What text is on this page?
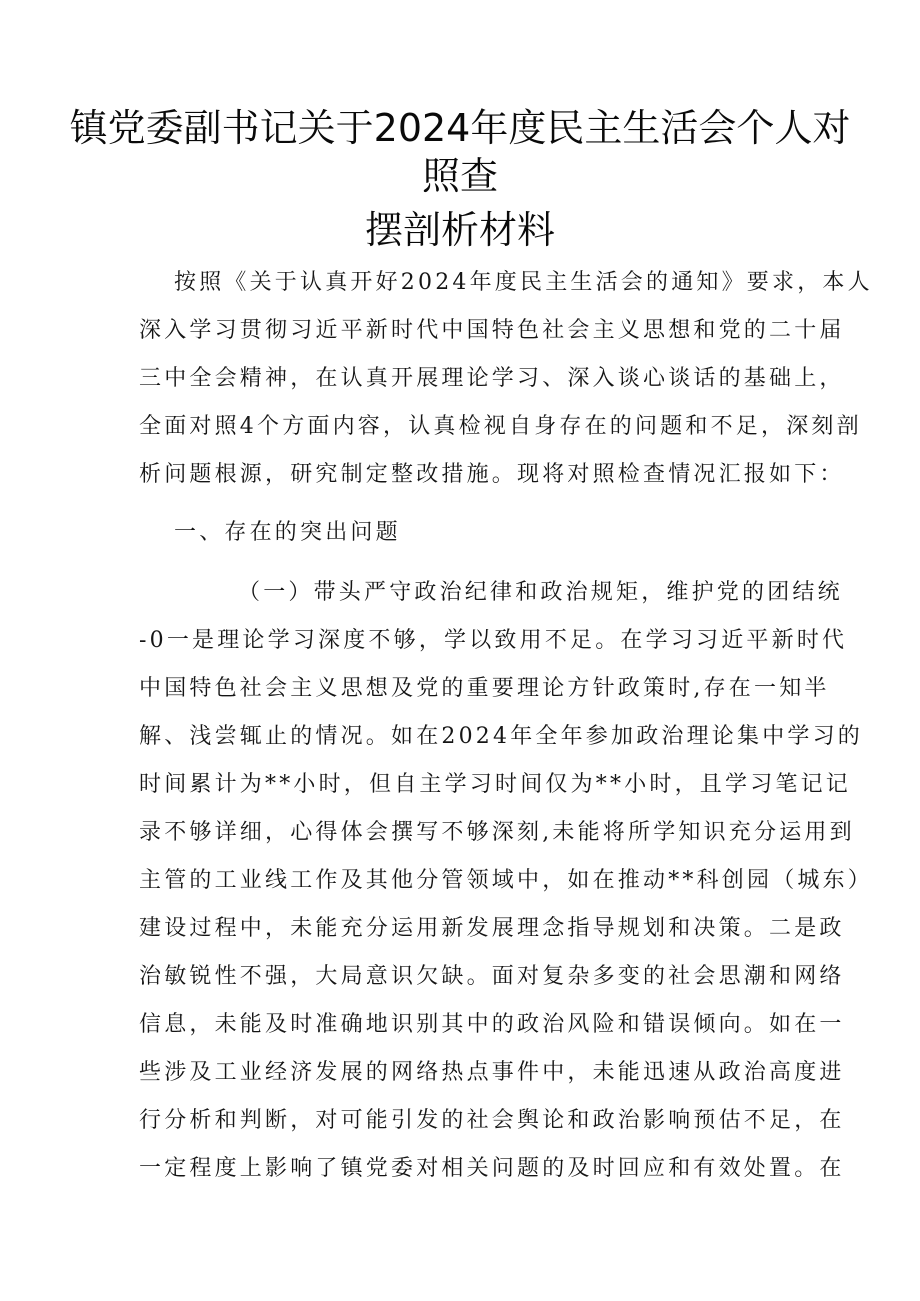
镇党委副书记关于2024年度民主生活会个人对
照查
摆剖析材料
按照《关于认真开好2024年度民主生活会的通知》要求，本人
深入学习贯彻习近平新时代中国特色社会主义思想和党的二十届
三中全会精神，在认真开展理论学习、深入谈心谈话的基础上，
全面对照4个方面内容，认真检视自身存在的问题和不足，深刻剖
析问题根源，研究制定整改措施。现将对照检查情况汇报如下：
一、存在的突出问题
（一）带头严守政治纪律和政治规矩，维护党的团结统
-0一是理论学习深度不够，学以致用不足。在学习习近平新时代
中国特色社会主义思想及党的重要理论方针政策时,存在一知半
解、浅尝辄止的情况。如在2024年全年参加政治理论集中学习的
时间累计为**小时，但自主学习时间仅为**小时，且学习笔记记
录不够详细，心得体会撰写不够深刻,未能将所学知识充分运用到
主管的工业线工作及其他分管领域中，如在推动**科创园（城东）
建设过程中，未能充分运用新发展理念指导规划和决策。二是政
治敏锐性不强，大局意识欠缺。面对复杂多变的社会思潮和网络
信息，未能及时准确地识别其中的政治风险和错误倾向。如在一
些涉及工业经济发展的网络热点事件中，未能迅速从政治高度进
行分析和判断，对可能引发的社会舆论和政治影响预估不足，在
一定程度上影响了镇党委对相关问题的及时回应和有效处置。在
